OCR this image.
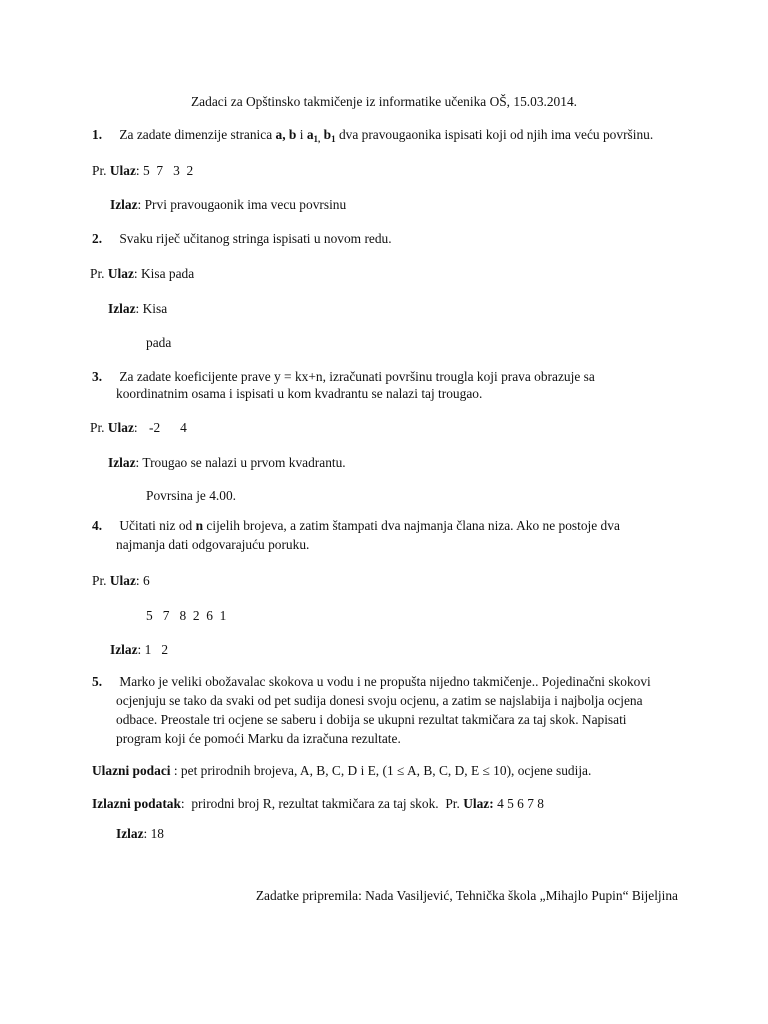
Zadaci za Opštinsko takmičenje iz informatike učenika OŠ, 15.03.2014.
1. Za zadate dimenzije stranica a, b i $a_{1,}$ $b_1$ dva pravougaonika ispisati koji od njih ima veću površinu.
Pr. Ulaz: 5  7   3  2
Izlaz: Prvi pravougaonik ima vecu povrsinu
2. Svaku riječ učitanog stringa ispisati u novom redu.
Pr. Ulaz: Kisa pada
Izlaz: Kisa
pada
3. Za zadate koeficijente prave y = kx+n, izračunati površinu trougla koji prava obrazuje sa
koordinatnim osama i ispisati u kom kvadrantu se nalazi taj trougao.
Pr. Ulaz: -2 4
Izlaz: Trougao se nalazi u prvom kvadrantu.
Povrsina je 4.00.
4. Učitati niz od n cijelih brojeva, a zatim štampati dva najmanja člana niza. Ako ne postoje dva
najmanja dati odgovarajuću poruku.
Pr. Ulaz: 6
5   7   8  2  6  1
Izlaz: 1   2
5. Marko je veliki obožavalac skokova u vodu i ne propušta nijedno takmičenje.. Pojedinačni skokovi
ocjenjuju se tako da svaki od pet sudija donesi svoju ocjenu, a zatim se najslabija i najbolja ocjena
odbace. Preostale tri ocjene se saberu i dobija se ukupni rezultat takmičara za taj skok. Napisati
program koji će pomoći Marku da izračuna rezultate.
Ulazni podaci : pet prirodnih brojeva, A, B, C, D i E, (1 ≤ A, B, C, D, E ≤ 10), ocjene sudija.
Izlazni podatak:  prirodni broj R, rezultat takmičara za taj skok.  Pr. Ulaz: 4 5 6 7 8
Izlaz: 18
Zadatke pripremila: Nada Vasiljević, Tehnička škola „Mihajlo Pupin“ Bijeljina
